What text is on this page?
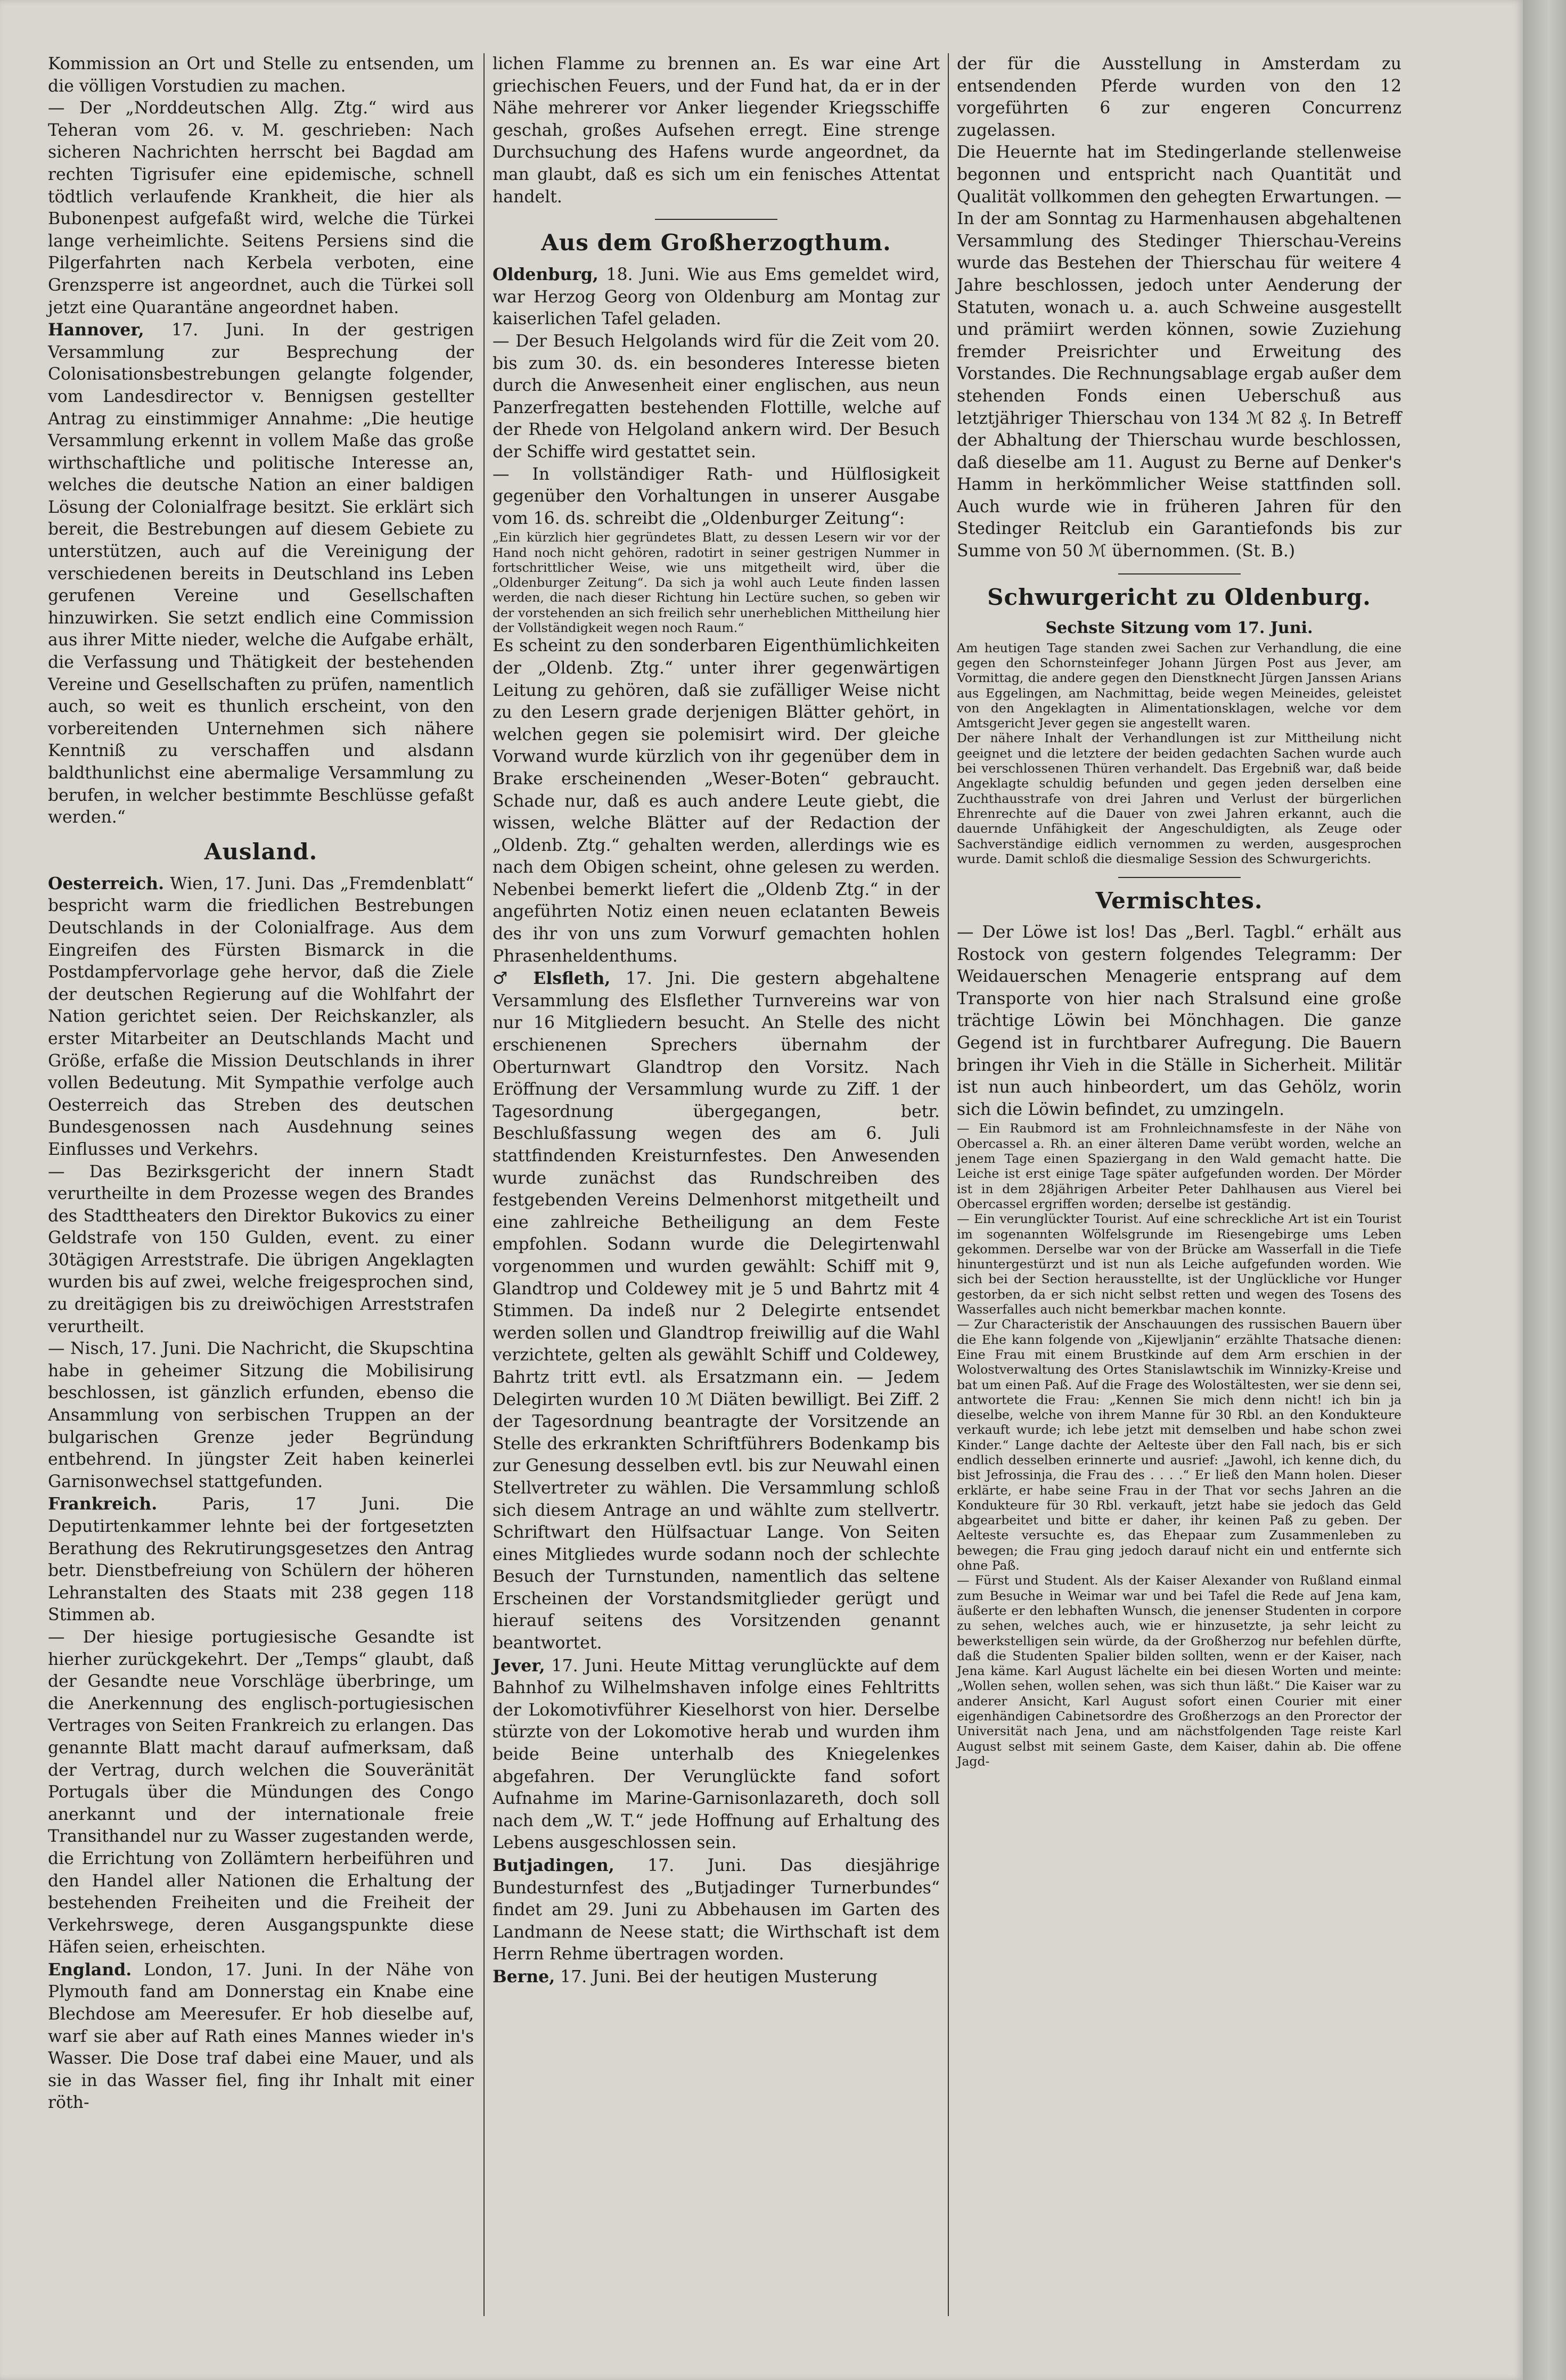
Kommission an Ort und Stelle zu entsenden, um die völligen Vorstudien zu machen.

— Der „Norddeutschen Allg. Ztg.“ wird aus Teheran vom 26. v. M. geschrieben: Nach sicheren Nachrichten herrscht bei Bagdad am rechten Tigrisufer eine epidemische, schnell tödtlich verlaufende Krankheit, die hier als Bubonenpest aufgefaßt wird, welche die Türkei lange verheimlichte. Seitens Persiens sind die Pilgerfahrten nach Kerbela verboten, eine Grenzsperre ist angeordnet, auch die Türkei soll jetzt eine Quarantäne angeordnet haben.

Hannover, 17. Juni. In der gestrigen Versammlung zur Besprechung der Colonisationsbestrebungen gelangte folgender, vom Landesdirector v. Bennigsen gestellter Antrag zu einstimmiger Annahme: „Die heutige Versammlung erkennt in vollem Maße das große wirthschaftliche und politische Interesse an, welches die deutsche Nation an einer baldigen Lösung der Colonialfrage besitzt. Sie erklärt sich bereit, die Bestrebungen auf diesem Gebiete zu unterstützen, auch auf die Vereinigung der verschiedenen bereits in Deutschland ins Leben gerufenen Vereine und Gesellschaften hinzuwirken. Sie setzt endlich eine Commission aus ihrer Mitte nieder, welche die Aufgabe erhält, die Verfassung und Thätigkeit der bestehenden Vereine und Gesellschaften zu prüfen, namentlich auch, so weit es thunlich erscheint, von den vorbereitenden Unternehmen sich nähere Kenntniß zu verschaffen und alsdann baldthunlichst eine abermalige Versammlung zu berufen, in welcher bestimmte Beschlüsse gefaßt werden.“

Ausland.

Oesterreich. Wien, 17. Juni. Das „Fremdenblatt“ bespricht warm die friedlichen Bestrebungen Deutschlands in der Colonialfrage. Aus dem Eingreifen des Fürsten Bismarck in die Postdampfervorlage gehe hervor, daß die Ziele der deutschen Regierung auf die Wohlfahrt der Nation gerichtet seien. Der Reichskanzler, als erster Mitarbeiter an Deutschlands Macht und Größe, erfaße die Mission Deutschlands in ihrer vollen Bedeutung. Mit Sympathie verfolge auch Oesterreich das Streben des deutschen Bundesgenossen nach Ausdehnung seines Einflusses und Verkehrs.

— Das Bezirksgericht der innern Stadt verurtheilte in dem Prozesse wegen des Brandes des Stadttheaters den Direktor Bukovics zu einer Geldstrafe von 150 Gulden, event. zu einer 30tägigen Arreststrafe. Die übrigen Angeklagten wurden bis auf zwei, welche freigesprochen sind, zu dreitägigen bis zu dreiwöchigen Arreststrafen verurtheilt.

— Nisch, 17. Juni. Die Nachricht, die Skupschtina habe in geheimer Sitzung die Mobilisirung beschlossen, ist gänzlich erfunden, ebenso die Ansammlung von serbischen Truppen an der bulgarischen Grenze jeder Begründung entbehrend. In jüngster Zeit haben keinerlei Garnisonwechsel stattgefunden.

Frankreich. Paris, 17 Juni. Die Deputirtenkammer lehnte bei der fortgesetzten Berathung des Rekrutirungsgesetzes den Antrag betr. Dienstbefreiung von Schülern der höheren Lehranstalten des Staats mit 238 gegen 118 Stimmen ab.

— Der hiesige portugiesische Gesandte ist hierher zurückgekehrt. Der „Temps“ glaubt, daß der Gesandte neue Vorschläge überbringe, um die Anerkennung des englisch-portugiesischen Vertrages von Seiten Frankreich zu erlangen. Das genannte Blatt macht darauf aufmerksam, daß der Vertrag, durch welchen die Souveränität Portugals über die Mündungen des Congo anerkannt und der internationale freie Transithandel nur zu Wasser zugestanden werde, die Errichtung von Zollämtern herbeiführen und den Handel aller Nationen die Erhaltung der bestehenden Freiheiten und die Freiheit der Verkehrswege, deren Ausgangspunkte diese Häfen seien, erheischten.

England. London, 17. Juni. In der Nähe von Plymouth fand am Donnerstag ein Knabe eine Blechdose am Meeresufer. Er hob dieselbe auf, warf sie aber auf Rath eines Mannes wieder in's Wasser. Die Dose traf dabei eine Mauer, und als sie in das Wasser fiel, fing ihr Inhalt mit einer röth-

lichen Flamme zu brennen an. Es war eine Art griechischen Feuers, und der Fund hat, da er in der Nähe mehrerer vor Anker liegender Kriegsschiffe geschah, großes Aufsehen erregt. Eine strenge Durchsuchung des Hafens wurde angeordnet, da man glaubt, daß es sich um ein fenisches Attentat handelt.

Aus dem Großherzogthum.

Oldenburg, 18. Juni. Wie aus Ems gemeldet wird, war Herzog Georg von Oldenburg am Montag zur kaiserlichen Tafel geladen.

— Der Besuch Helgolands wird für die Zeit vom 20. bis zum 30. ds. ein besonderes Interesse bieten durch die Anwesenheit einer englischen, aus neun Panzerfregatten bestehenden Flottille, welche auf der Rhede von Helgoland ankern wird. Der Besuch der Schiffe wird gestattet sein.

— In vollständiger Rath- und Hülflosigkeit gegenüber den Vorhaltungen in unserer Ausgabe vom 16. ds. schreibt die „Oldenburger Zeitung“:

„Ein kürzlich hier gegründetes Blatt, zu dessen Lesern wir vor der Hand noch nicht gehören, radotirt in seiner gestrigen Nummer in fortschrittlicher Weise, wie uns mitgetheilt wird, über die „Oldenburger Zeitung“. Da sich ja wohl auch Leute finden lassen werden, die nach dieser Richtung hin Lectüre suchen, so geben wir der vorstehenden an sich freilich sehr unerheblichen Mittheilung hier der Vollständigkeit wegen noch Raum.“

Es scheint zu den sonderbaren Eigenthümlichkeiten der „Oldenb. Ztg.“ unter ihrer gegenwärtigen Leitung zu gehören, daß sie zufälliger Weise nicht zu den Lesern grade derjenigen Blätter gehört, in welchen gegen sie polemisirt wird. Der gleiche Vorwand wurde kürzlich von ihr gegenüber dem in Brake erscheinenden „Weser-Boten“ gebraucht. Schade nur, daß es auch andere Leute giebt, die wissen, welche Blätter auf der Redaction der „Oldenb. Ztg.“ gehalten werden, allerdings wie es nach dem Obigen scheint, ohne gelesen zu werden. Nebenbei bemerkt liefert die „Oldenb Ztg.“ in der angeführten Notiz einen neuen eclatanten Beweis des ihr von uns zum Vorwurf gemachten hohlen Phrasenheldenthums.

♂ Elsfleth, 17. Jni. Die gestern abgehaltene Versammlung des Elsflether Turnvereins war von nur 16 Mitgliedern besucht. An Stelle des nicht erschienenen Sprechers übernahm der Oberturnwart Glandtrop den Vorsitz. Nach Eröffnung der Versammlung wurde zu Ziff. 1 der Tagesordnung übergegangen, betr. Beschlußfassung wegen des am 6. Juli stattfindenden Kreisturnfestes. Den Anwesenden wurde zunächst das Rundschreiben des festgebenden Vereins Delmenhorst mitgetheilt und eine zahlreiche Betheiligung an dem Feste empfohlen. Sodann wurde die Delegirtenwahl vorgenommen und wurden gewählt: Schiff mit 9, Glandtrop und Coldewey mit je 5 und Bahrtz mit 4 Stimmen. Da indeß nur 2 Delegirte entsendet werden sollen und Glandtrop freiwillig auf die Wahl verzichtete, gelten als gewählt Schiff und Coldewey, Bahrtz tritt evtl. als Ersatzmann ein. — Jedem Delegirten wurden 10 ℳ Diäten bewilligt. Bei Ziff. 2 der Tagesordnung beantragte der Vorsitzende an Stelle des erkrankten Schriftführers Bodenkamp bis zur Genesung desselben evtl. bis zur Neuwahl einen Stellvertreter zu wählen. Die Versammlung schloß sich diesem Antrage an und wählte zum stellvertr. Schriftwart den Hülfsactuar Lange. Von Seiten eines Mitgliedes wurde sodann noch der schlechte Besuch der Turnstunden, namentlich das seltene Erscheinen der Vorstandsmitglieder gerügt und hierauf seitens des Vorsitzenden genannt beantwortet.

Jever, 17. Juni. Heute Mittag verunglückte auf dem Bahnhof zu Wilhelmshaven infolge eines Fehltritts der Lokomotivführer Kieselhorst von hier. Derselbe stürzte von der Lokomotive herab und wurden ihm beide Beine unterhalb des Kniegelenkes abgefahren. Der Verunglückte fand sofort Aufnahme im Marine-Garnisonlazareth, doch soll nach dem „W. T.“ jede Hoffnung auf Erhaltung des Lebens ausgeschlossen sein.

Butjadingen, 17. Juni. Das diesjährige Bundesturnfest des „Butjadinger Turnerbundes“ findet am 29. Juni zu Abbehausen im Garten des Landmann de Neese statt; die Wirthschaft ist dem Herrn Rehme übertragen worden.

Berne, 17. Juni. Bei der heutigen Musterung

der für die Ausstellung in Amsterdam zu entsendenden Pferde wurden von den 12 vorgeführten 6 zur engeren Concurrenz zugelassen.

Die Heuernte hat im Stedingerlande stellenweise begonnen und entspricht nach Quantität und Qualität vollkommen den gehegten Erwartungen. — In der am Sonntag zu Harmenhausen abgehaltenen Versammlung des Stedinger Thierschau-Vereins wurde das Bestehen der Thierschau für weitere 4 Jahre beschlossen, jedoch unter Aenderung der Statuten, wonach u. a. auch Schweine ausgestellt und prämiirt werden können, sowie Zuziehung fremder Preisrichter und Erweitung des Vorstandes. Die Rechnungsablage ergab außer dem stehenden Fonds einen Ueberschuß aus letztjähriger Thierschau von 134 ℳ 82 ₰. In Betreff der Abhaltung der Thierschau wurde beschlossen, daß dieselbe am 11. August zu Berne auf Denker's Hamm in herkömmlicher Weise stattfinden soll. Auch wurde wie in früheren Jahren für den Stedinger Reitclub ein Garantiefonds bis zur Summe von 50 ℳ übernommen. (St. B.)

Schwurgericht zu Oldenburg.
Sechste Sitzung vom 17. Juni.

Am heutigen Tage standen zwei Sachen zur Verhandlung, die eine gegen den Schornsteinfeger Johann Jürgen Post aus Jever, am Vormittag, die andere gegen den Dienstknecht Jürgen Janssen Arians aus Eggelingen, am Nachmittag, beide wegen Meineides, geleistet von den Angeklagten in Alimentationsklagen, welche vor dem Amtsgericht Jever gegen sie angestellt waren.

Der nähere Inhalt der Verhandlungen ist zur Mittheilung nicht geeignet und die letztere der beiden gedachten Sachen wurde auch bei verschlossenen Thüren verhandelt. Das Ergebniß war, daß beide Angeklagte schuldig befunden und gegen jeden derselben eine Zuchthausstrafe von drei Jahren und Verlust der bürgerlichen Ehrenrechte auf die Dauer von zwei Jahren erkannt, auch die dauernde Unfähigkeit der Angeschuldigten, als Zeuge oder Sachverständige eidlich vernommen zu werden, ausgesprochen wurde. Damit schloß die diesmalige Session des Schwurgerichts.

Vermischtes.

— Der Löwe ist los! Das „Berl. Tagbl.“ erhält aus Rostock von gestern folgendes Telegramm: Der Weidauerschen Menagerie entsprang auf dem Transporte von hier nach Stralsund eine große trächtige Löwin bei Mönchhagen. Die ganze Gegend ist in furchtbarer Aufregung. Die Bauern bringen ihr Vieh in die Ställe in Sicherheit. Militär ist nun auch hinbeordert, um das Gehölz, worin sich die Löwin befindet, zu umzingeln.

— Ein Raubmord ist am Frohnleichnamsfeste in der Nähe von Obercassel a. Rh. an einer älteren Dame verübt worden, welche an jenem Tage einen Spaziergang in den Wald gemacht hatte. Die Leiche ist erst einige Tage später aufgefunden worden. Der Mörder ist in dem 28jährigen Arbeiter Peter Dahlhausen aus Vierel bei Obercassel ergriffen worden; derselbe ist geständig.

— Ein verunglückter Tourist. Auf eine schreckliche Art ist ein Tourist im sogenannten Wölfelsgrunde im Riesengebirge ums Leben gekommen. Derselbe war von der Brücke am Wasserfall in die Tiefe hinuntergestürzt und ist nun als Leiche aufgefunden worden. Wie sich bei der Section herausstellte, ist der Unglückliche vor Hunger gestorben, da er sich nicht selbst retten und wegen des Tosens des Wasserfalles auch nicht bemerkbar machen konnte.

— Zur Characteristik der Anschauungen des russischen Bauern über die Ehe kann folgende von „Kijewljanin“ erzählte Thatsache dienen: Eine Frau mit einem Brustkinde auf dem Arm erschien in der Wolostverwaltung des Ortes Stanislawtschik im Winnizky-Kreise und bat um einen Paß. Auf die Frage des Wolostältesten, wer sie denn sei, antwortete die Frau: „Kennen Sie mich denn nicht! ich bin ja dieselbe, welche von ihrem Manne für 30 Rbl. an den Kondukteure verkauft wurde; ich lebe jetzt mit demselben und habe schon zwei Kinder.“ Lange dachte der Aelteste über den Fall nach, bis er sich endlich desselben erinnerte und ausrief: „Jawohl, ich kenne dich, du bist Jefrossinja, die Frau des . . . .“ Er ließ den Mann holen. Dieser erklärte, er habe seine Frau in der That vor sechs Jahren an die Kondukteure für 30 Rbl. verkauft, jetzt habe sie jedoch das Geld abgearbeitet und bitte er daher, ihr keinen Paß zu geben. Der Aelteste versuchte es, das Ehepaar zum Zusammenleben zu bewegen; die Frau ging jedoch darauf nicht ein und entfernte sich ohne Paß.

— Fürst und Student. Als der Kaiser Alexander von Rußland einmal zum Besuche in Weimar war und bei Tafel die Rede auf Jena kam, äußerte er den lebhaften Wunsch, die jenenser Studenten in corpore zu sehen, welches auch, wie er hinzusetzte, ja sehr leicht zu bewerkstelligen sein würde, da der Großherzog nur befehlen dürfte, daß die Studenten Spalier bilden sollten, wenn er der Kaiser, nach Jena käme. Karl August lächelte ein bei diesen Worten und meinte: „Wollen sehen, wollen sehen, was sich thun läßt.“ Die Kaiser war zu anderer Ansicht, Karl August sofort einen Courier mit einer eigenhändigen Cabinetsordre des Großherzogs an den Prorector der Universität nach Jena, und am nächstfolgenden Tage reiste Karl August selbst mit seinem Gaste, dem Kaiser, dahin ab. Die offene Jagd-
